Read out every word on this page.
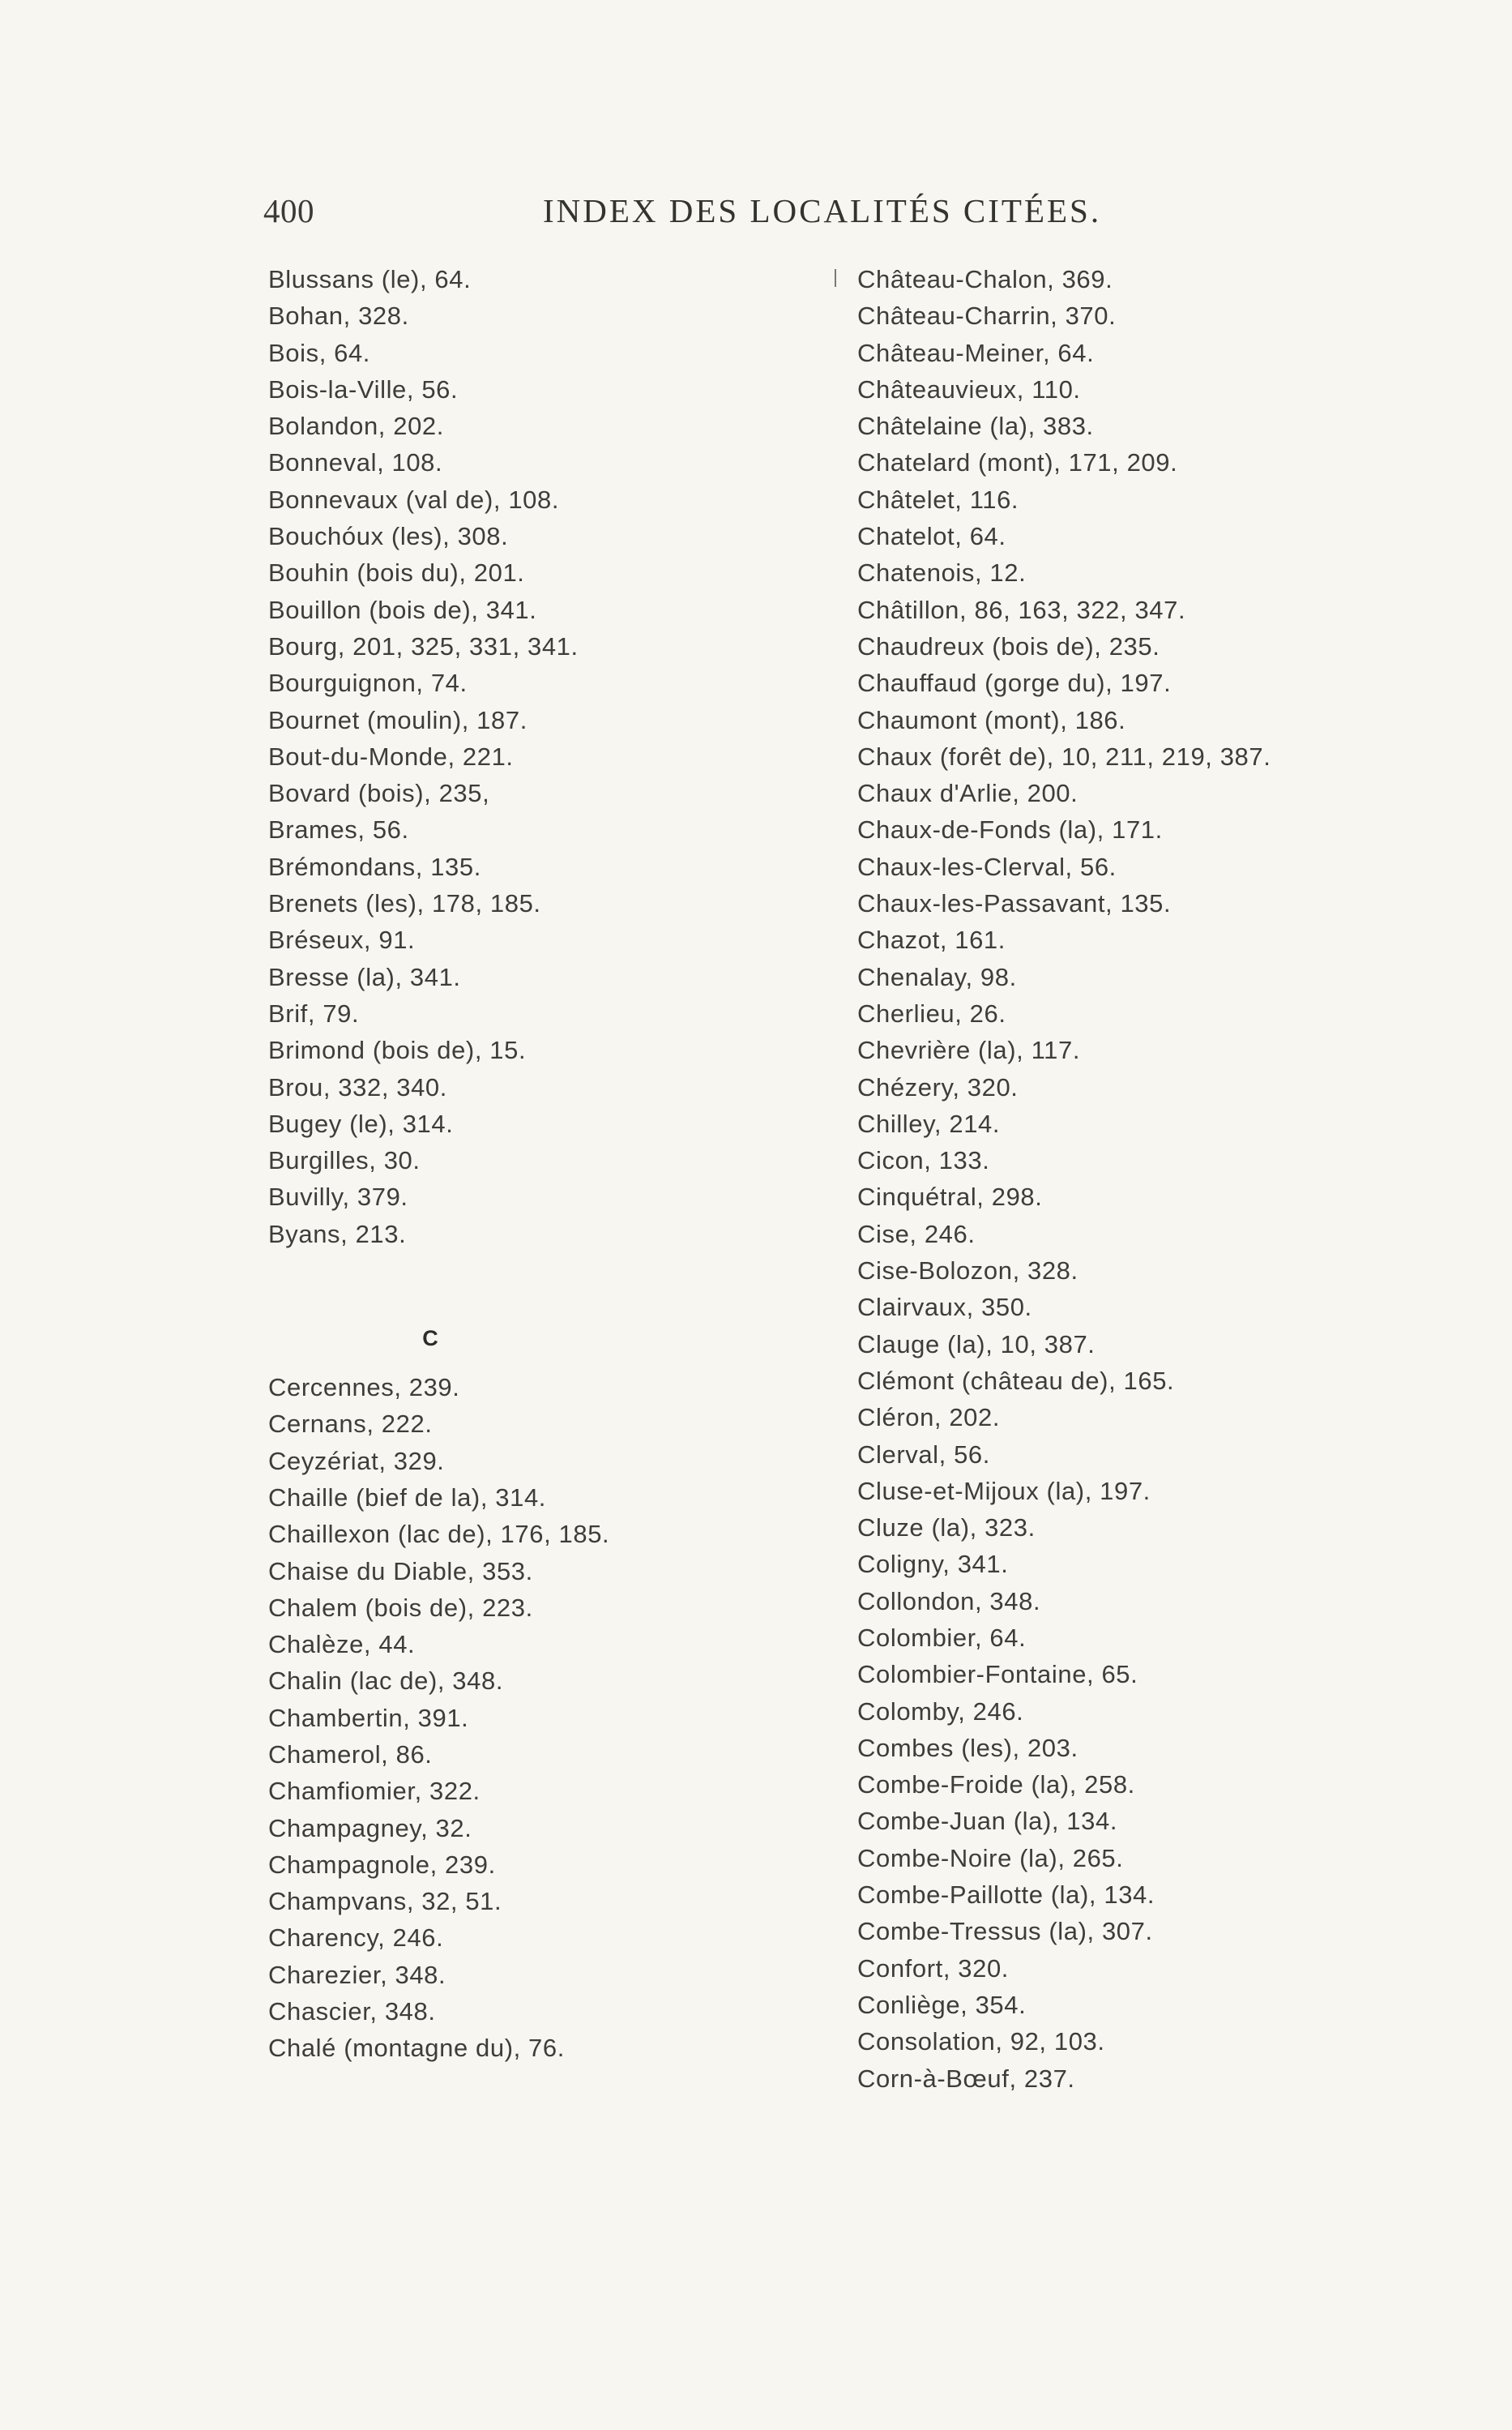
400	INDEX DES LOCALITÉS CITÉES.
Blussans (le), 64.
Bohan, 328.
Bois, 64.
Bois-la-Ville, 56.
Bolandon, 202.
Bonneval, 108.
Bonnevaux (val de), 108.
Bouchóux (les), 308.
Bouhin (bois du), 201.
Bouillon (bois de), 341.
Bourg, 201, 325, 331, 341.
Bourguignon, 74.
Bournet (moulin), 187.
Bout-du-Monde, 221.
Bovard (bois), 235,
Brames, 56.
Brémondans, 135.
Brenets (les), 178, 185.
Bréseux, 91.
Bresse (la), 341.
Brif, 79.
Brimond (bois de), 15.
Brou, 332, 340.
Bugey (le), 314.
Burgilles, 30.
Buvilly, 379.
Byans, 213.
C
Cercennes, 239.
Cernans, 222.
Ceyzériat, 329.
Chaille (bief de la), 314.
Chaillexon (lac de), 176, 185.
Chaise du Diable, 353.
Chalem (bois de), 223.
Chalèze, 44.
Chalin (lac de), 348.
Chambertin, 391.
Chamerol, 86.
Chamfiomier, 322.
Champagney, 32.
Champagnole, 239.
Champvans, 32, 51.
Charency, 246.
Charezier, 348.
Chascier, 348.
Chalé (montagne du), 76.
Château-Chalon, 369.
Château-Charrin, 370.
Château-Meiner, 64.
Châteauvieux, 110.
Châtelaine (la), 383.
Chatelard (mont), 171, 209.
Châtelet, 116.
Chatelot, 64.
Chatenois, 12.
Châtillon, 86, 163, 322, 347.
Chaudreux (bois de), 235.
Chauffaud (gorge du), 197.
Chaumont (mont), 186.
Chaux (forêt de), 10, 211, 219, 387.
Chaux d'Arlie, 200.
Chaux-de-Fonds (la), 171.
Chaux-les-Clerval, 56.
Chaux-les-Passavant, 135.
Chazot, 161.
Chenalay, 98.
Cherlieu, 26.
Chevrière (la), 117.
Chézery, 320.
Chilley, 214.
Cicon, 133.
Cinquétral, 298.
Cise, 246.
Cise-Bolozon, 328.
Clairvaux, 350.
Clauge (la), 10, 387.
Clémont (château de), 165.
Cléron, 202.
Clerval, 56.
Cluse-et-Mijoux (la), 197.
Cluze (la), 323.
Coligny, 341.
Collondon, 348.
Colombier, 64.
Colombier-Fontaine, 65.
Colomby, 246.
Combes (les), 203.
Combe-Froide (la), 258.
Combe-Juan (la), 134.
Combe-Noire (la), 265.
Combe-Paillotte (la), 134.
Combe-Tressus (la), 307.
Confort, 320.
Conliège, 354.
Consolation, 92, 103.
Corn-à-Bœuf, 237.
